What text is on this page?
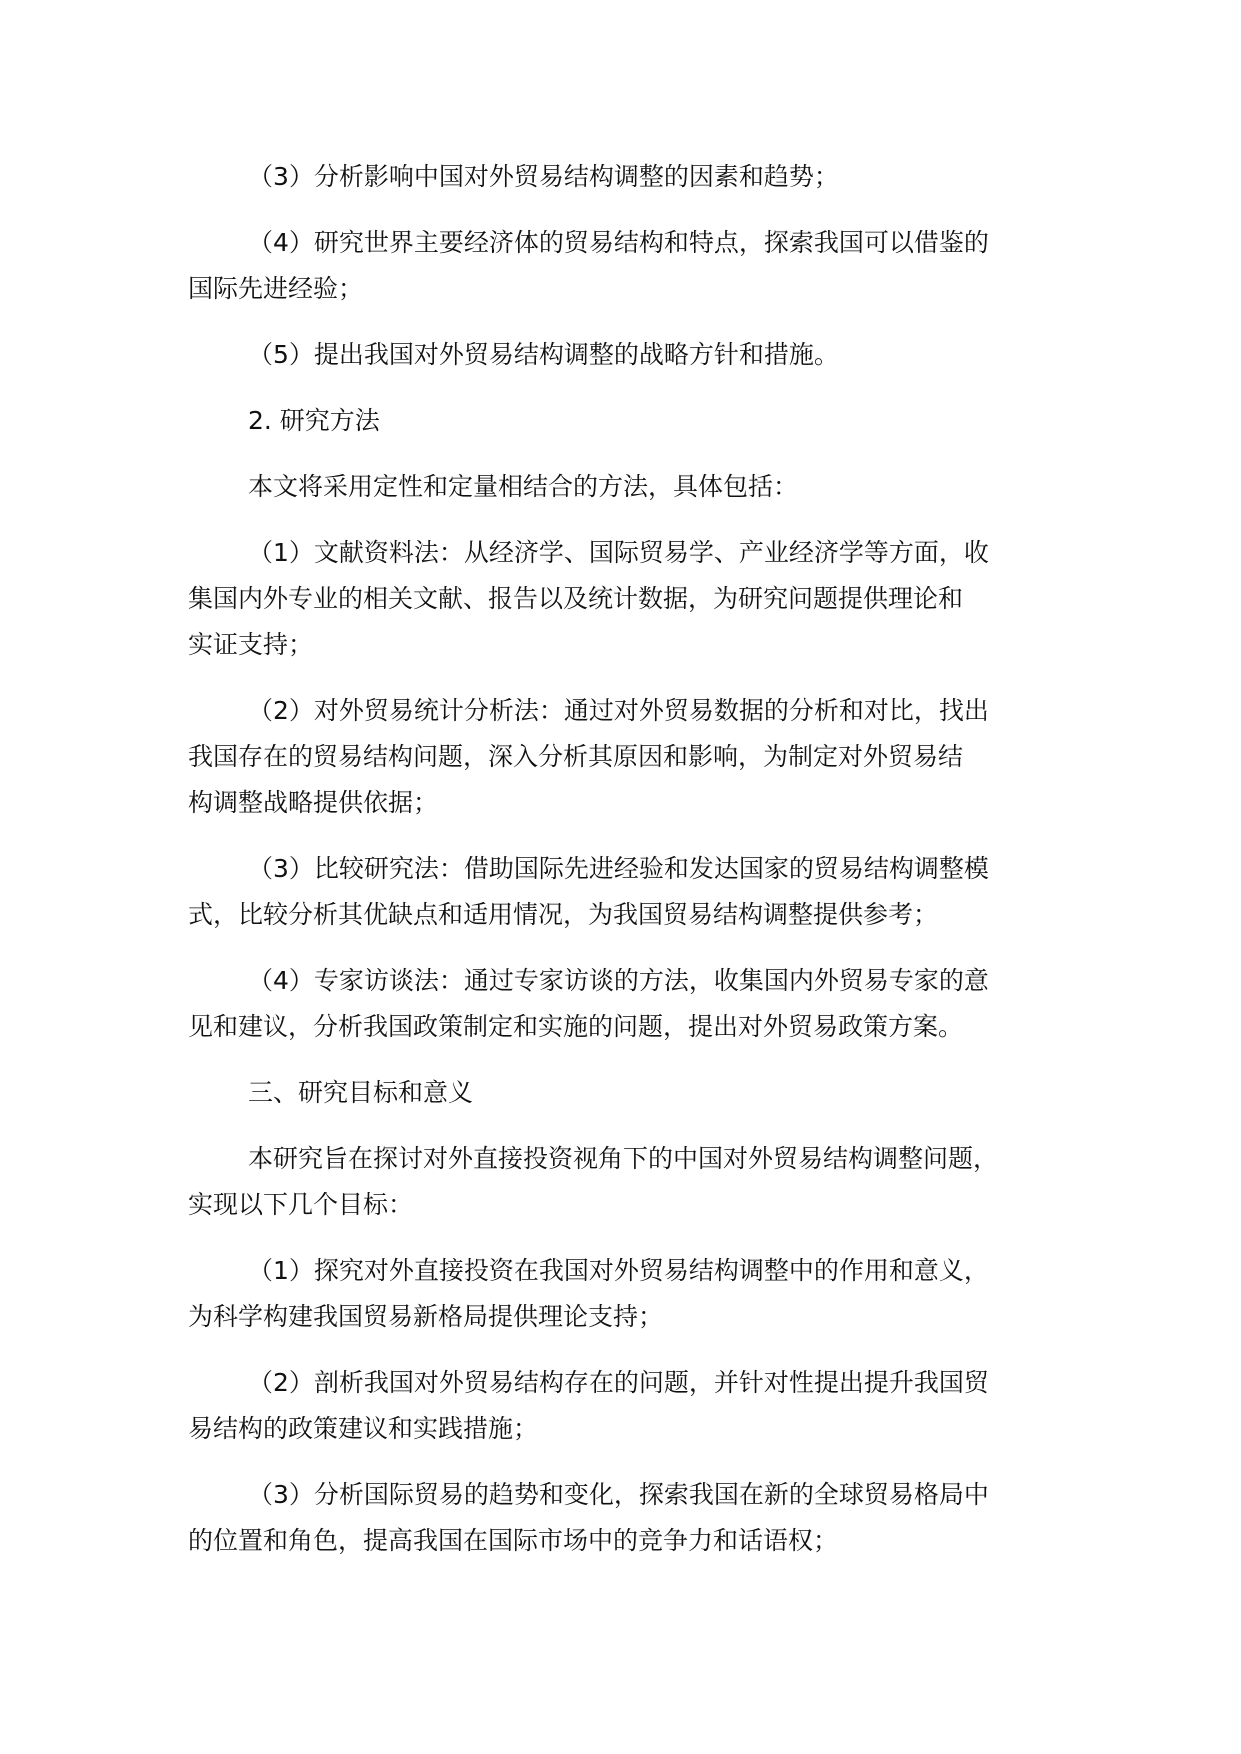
（3）分析影响中国对外贸易结构调整的因素和趋势；
（4）研究世界主要经济体的贸易结构和特点，探索我国可以借鉴的
国际先进经验；
（5）提出我国对外贸易结构调整的战略方针和措施。
2. 研究方法
本文将采用定性和定量相结合的方法，具体包括：
（1）文献资料法：从经济学、国际贸易学、产业经济学等方面，收
集国内外专业的相关文献、报告以及统计数据，为研究问题提供理论和
实证支持；
（2）对外贸易统计分析法：通过对外贸易数据的分析和对比，找出
我国存在的贸易结构问题，深入分析其原因和影响，为制定对外贸易结
构调整战略提供依据；
（3）比较研究法：借助国际先进经验和发达国家的贸易结构调整模
式，比较分析其优缺点和适用情况，为我国贸易结构调整提供参考；
（4）专家访谈法：通过专家访谈的方法，收集国内外贸易专家的意
见和建议，分析我国政策制定和实施的问题，提出对外贸易政策方案。
三、研究目标和意义
本研究旨在探讨对外直接投资视角下的中国对外贸易结构调整问题，
实现以下几个目标：
（1）探究对外直接投资在我国对外贸易结构调整中的作用和意义，
为科学构建我国贸易新格局提供理论支持；
（2）剖析我国对外贸易结构存在的问题，并针对性提出提升我国贸
易结构的政策建议和实践措施；
（3）分析国际贸易的趋势和变化，探索我国在新的全球贸易格局中
的位置和角色，提高我国在国际市场中的竞争力和话语权；
